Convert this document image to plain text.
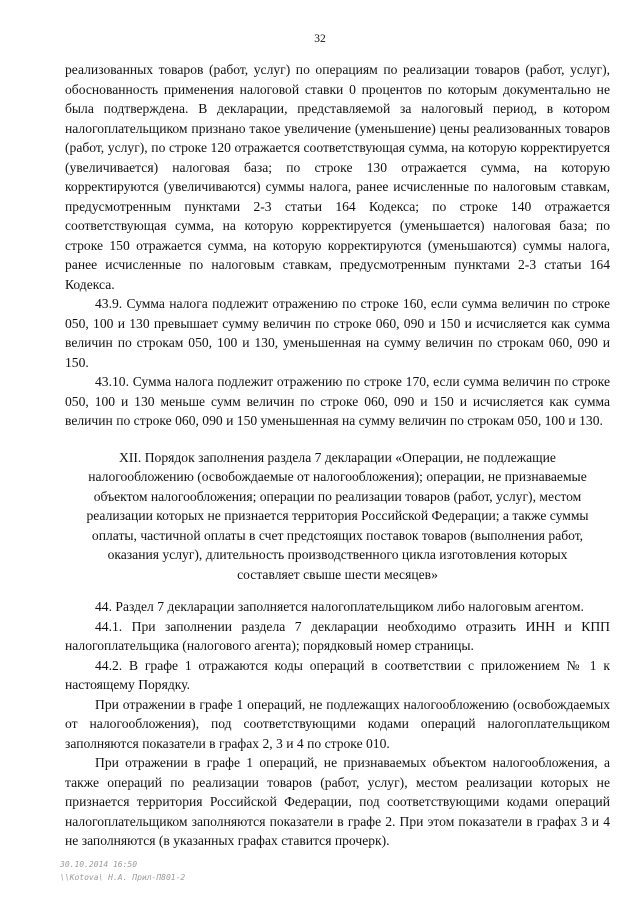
32

реализованных товаров (работ, услуг) по операциям по реализации товаров (работ, услуг), обоснованность применения налоговой ставки 0 процентов по которым документально не была подтверждена. В декларации, представляемой за налоговый период, в котором налогоплательщиком признано такое увеличение (уменьшение) цены реализованных товаров (работ, услуг), по строке 120 отражается соответствующая сумма, на которую корректируется (увеличивается) налоговая база; по строке 130 отражается сумма, на которую корректируются (увеличиваются) суммы налога, ранее исчисленные по налоговым ставкам, предусмотренным пунктами 2-3 статьи 164 Кодекса; по строке 140 отражается соответствующая сумма, на которую корректируется (уменьшается) налоговая база; по строке 150 отражается сумма, на которую корректируются (уменьшаются) суммы налога, ранее исчисленные по налоговым ставкам, предусмотренным пунктами 2-3 статьи 164 Кодекса.

43.9. Сумма налога подлежит отражению по строке 160, если сумма величин по строке 050, 100 и 130 превышает сумму величин по строке 060, 090 и 150 и исчисляется как сумма величин по строкам 050, 100 и 130, уменьшенная на сумму величин по строкам 060, 090 и 150.

43.10. Сумма налога подлежит отражению по строке 170, если сумма величин по строке 050, 100 и 130 меньше сумм величин по строке 060, 090 и 150 и исчисляется как сумма величин по строке 060, 090 и 150 уменьшенная на сумму величин по строкам 050, 100 и 130.

XII. Порядок заполнения раздела 7 декларации «Операции, не подлежащие налогообложению (освобождаемые от налогообложения); операции, не признаваемые объектом налогообложения; операции по реализации товаров (работ, услуг), местом реализации которых не признается территория Российской Федерации; а также суммы оплаты, частичной оплаты в счет предстоящих поставок товаров (выполнения работ, оказания услуг), длительность производственного цикла изготовления которых составляет свыше шести месяцев»

44. Раздел 7 декларации заполняется налогоплательщиком либо налоговым агентом.

44.1. При заполнении раздела 7 декларации необходимо отразить ИНН и КПП налогоплательщика (налогового агента); порядковый номер страницы.

44.2. В графе 1 отражаются коды операций в соответствии с приложением № 1 к настоящему Порядку.

При отражении в графе 1 операций, не подлежащих налогообложению (освобождаемых от налогообложения), под соответствующими кодами операций налогоплательщиком заполняются показатели в графах 2, 3 и 4 по строке 010.

При отражении в графе 1 операций, не признаваемых объектом налогообложения, а также операций по реализации товаров (работ, услуг), местом реализации которых не признается территория Российской Федерации, под соответствующими кодами операций налогоплательщиком заполняются показатели в графе 2. При этом показатели в графах 3 и 4 не заполняются (в указанных графах ставится прочерк).

30.10.2014 16:50
\\Kotova\ Н.А. Прил-П801-2
